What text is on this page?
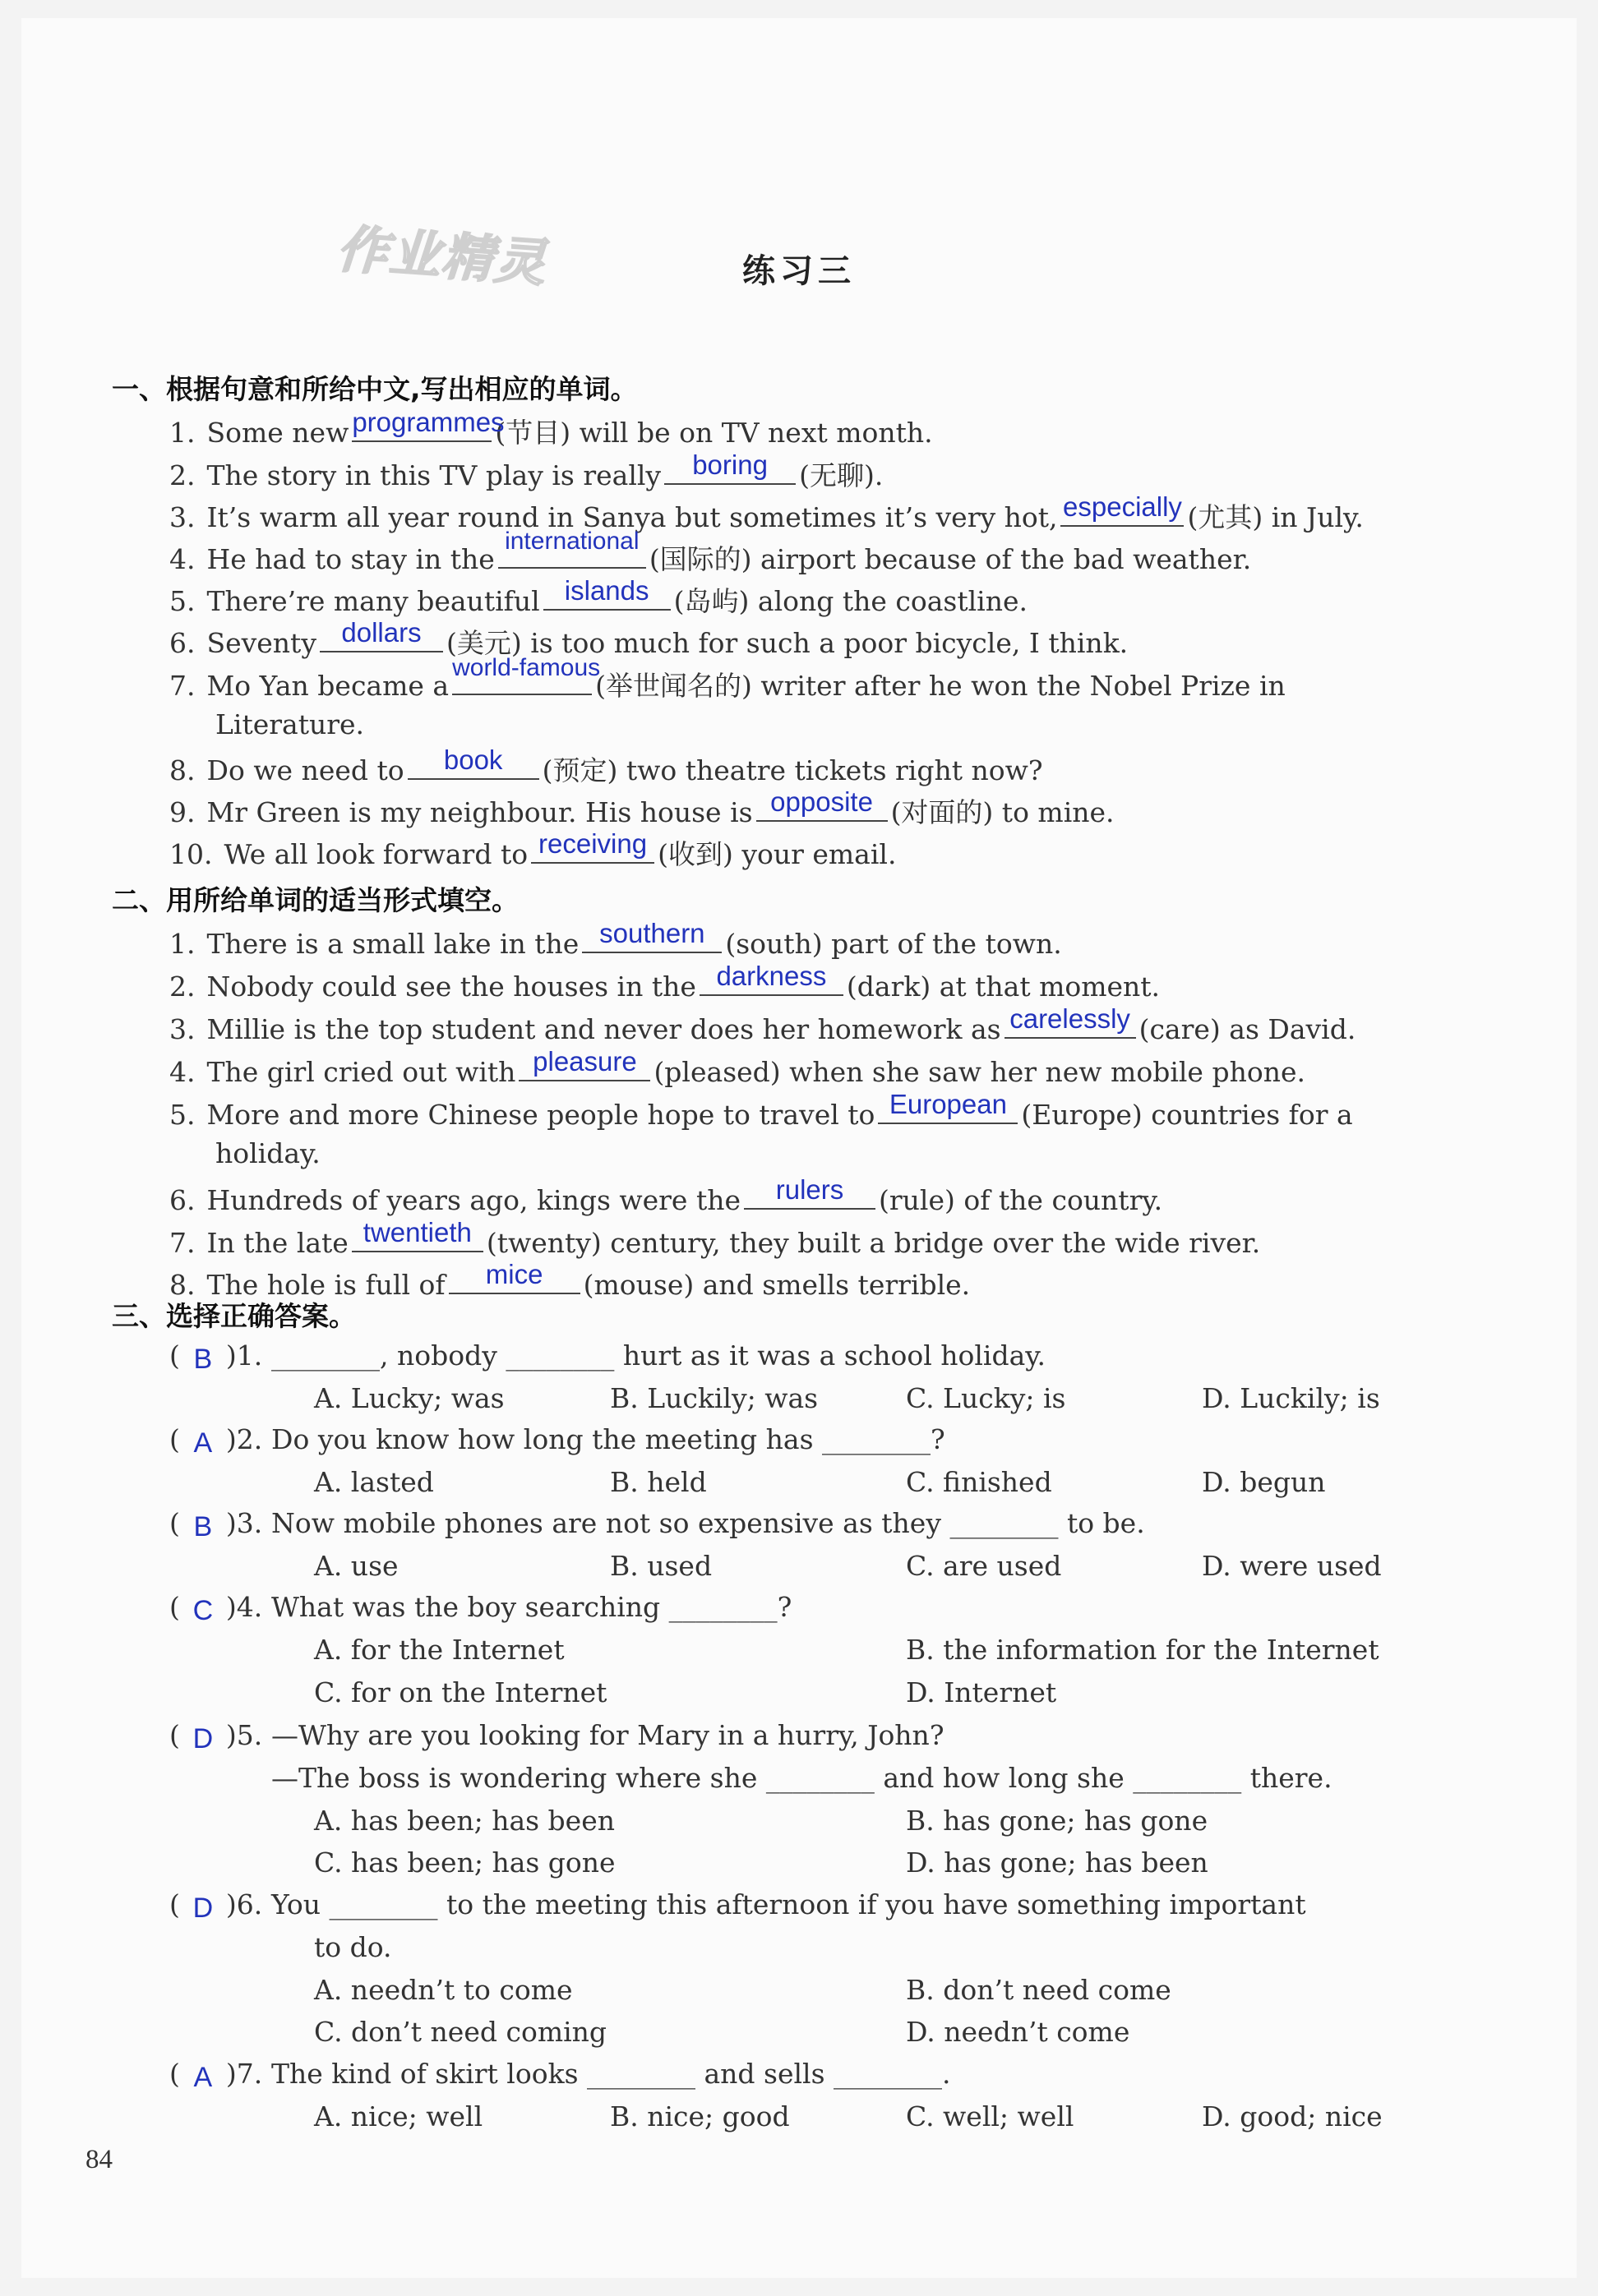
作业精灵	练习三
一、根据句意和所给中文,写出相应的单词。
1. Some new programmes
(节目) will be on TV next month.
2. The story in this TV play is really	boring	(无聊).
3. It’s warm all year round in Sanya but sometimes it’s very hot, especially (尤其) in July.
4. He had to stay in the
international
(国际的) airport because of the bad weather.
5. There’re many beautiful islands (岛屿) along the coastline.
6. Seventy dollars (美元) is too much for such a poor bicycle, I think.
7. Mo Yan became a
world-famous
(举世闻名的) writer after he won the Nobel Prize in
Literature.
8. Do we need to	book	(预定) two theatre tickets right now?
9. Mr Green is my neighbour. His house is opposite (对面的) to mine.
10. We all look forward to receiving (收到) your email.
二、用所给单词的适当形式填空。
1. There is a small lake in the southern (south) part of the town.
2. Nobody could see the houses in the darkness (dark) at that moment.
3. Millie is the top student and never does her homework as carelessly (care) as David.
4. The girl cried out with pleasure (pleased) when she saw her new mobile phone.
5. More and more Chinese people hope to travel to European (Europe) countries for a
holiday.
6. Hundreds of years ago, kings were the	rulers	(rule) of the country.
7. In the late twentieth (twenty) century, they built a bridge over the wide river.
8. The hole is full of	mice	(mouse) and smells terrible.
三、选择正确答案。
( B )1. ________, nobody ________ hurt as it was a school holiday.
A. Lucky; was	B. Luckily; was	C. Lucky; is	D. Luckily; is
( A )2. Do you know how long the meeting has ________?
A. lasted	B. held	C. finished	D. begun
( B )3. Now mobile phones are not so expensive as they ________ to be.
A. use	B. used	C. are used	D. were used
( C )4. What was the boy searching ________?
A. for the Internet	B. the information for the Internet
C. for on the Internet	D. Internet
( D )5. —Why are you looking for Mary in a hurry, John?
—The boss is wondering where she ________ and how long she ________ there.
A. has been; has been	B. has gone; has gone
C. has been; has gone	D. has gone; has been
( D )6. You ________ to the meeting this afternoon if you have something important
to do.
A. needn’t to come	B. don’t need come
C. don’t need coming	D. needn’t come
( A )7. The kind of skirt looks ________ and sells ________.
A. nice; well	B. nice; good	C. well; well	D. good; nice
84
